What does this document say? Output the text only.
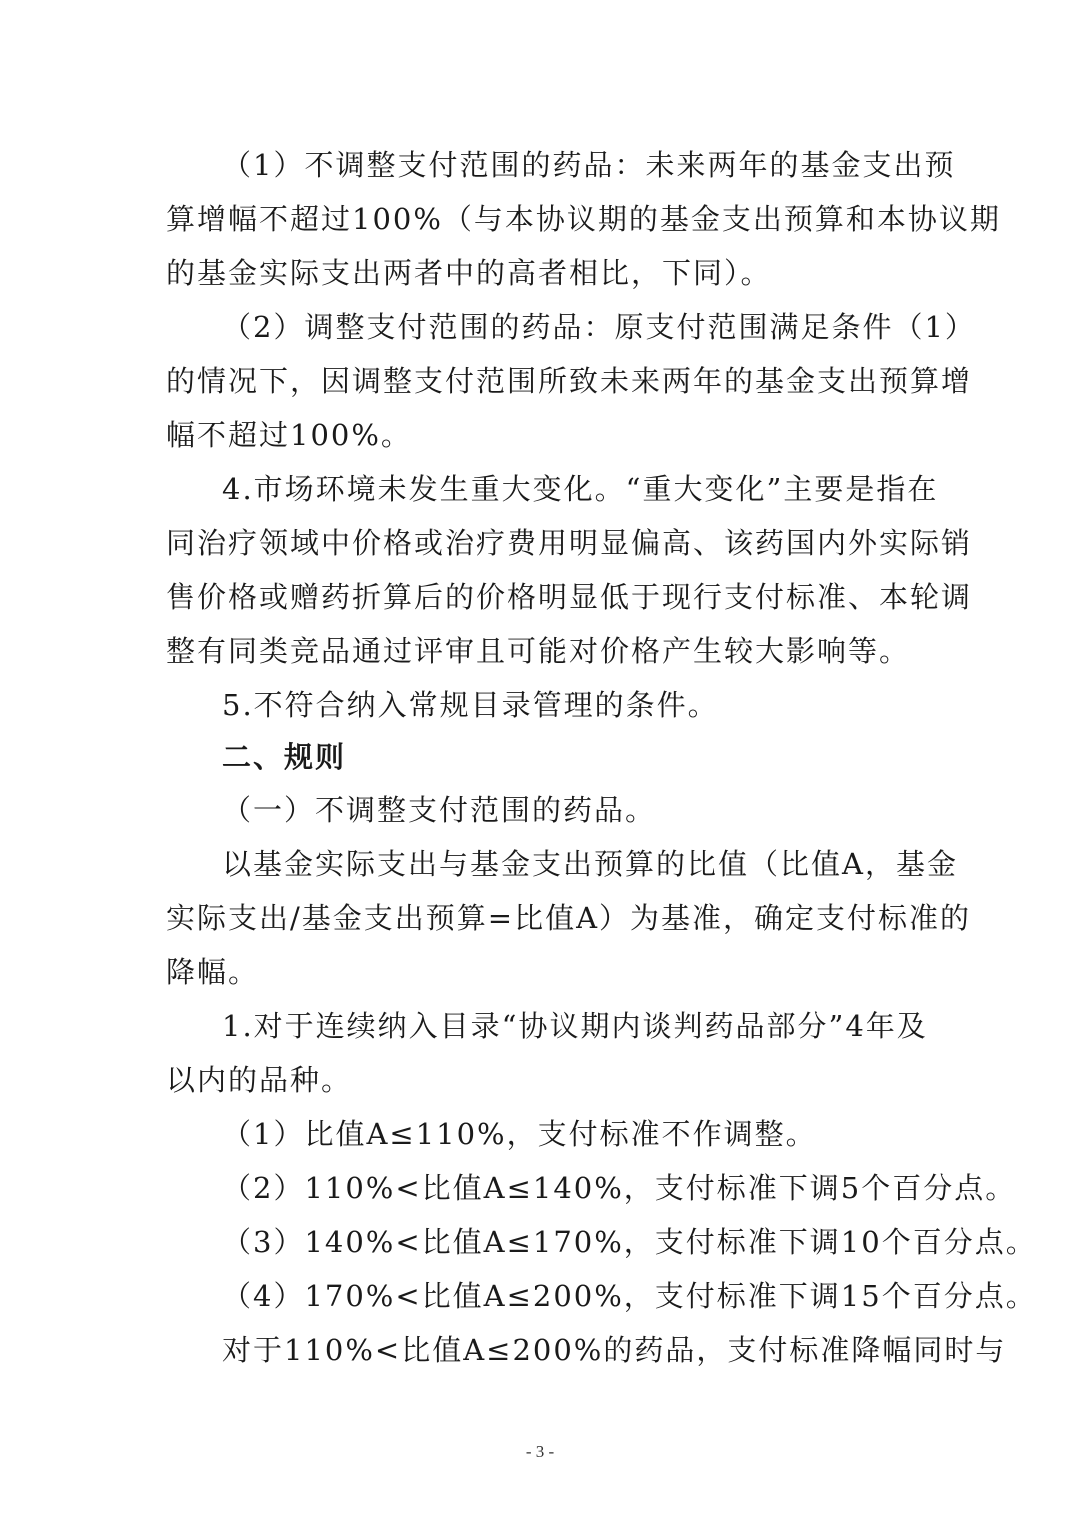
（1）不调整支付范围的药品：未来两年的基金支出预
算增幅不超过100%（与本协议期的基金支出预算和本协议期
的基金实际支出两者中的高者相比，下同）。
（2）调整支付范围的药品：原支付范围满足条件（1）
的情况下，因调整支付范围所致未来两年的基金支出预算增
幅不超过100%。
4.市场环境未发生重大变化。“重大变化”主要是指在
同治疗领域中价格或治疗费用明显偏高、该药国内外实际销
售价格或赠药折算后的价格明显低于现行支付标准、本轮调
整有同类竞品通过评审且可能对价格产生较大影响等。
5.不符合纳入常规目录管理的条件。
二、规则
（一）不调整支付范围的药品。
以基金实际支出与基金支出预算的比值（比值A，基金
实际支出/基金支出预算=比值A）为基准，确定支付标准的
降幅。
1.对于连续纳入目录“协议期内谈判药品部分”4年及
以内的品种。
（1）比值A≤110%，支付标准不作调整。
（2）110%<比值A≤140%，支付标准下调5个百分点。
（3）140%<比值A≤170%，支付标准下调10个百分点。
（4）170%<比值A≤200%，支付标准下调15个百分点。
对于110%<比值A≤200%的药品，支付标准降幅同时与
- 3 -
